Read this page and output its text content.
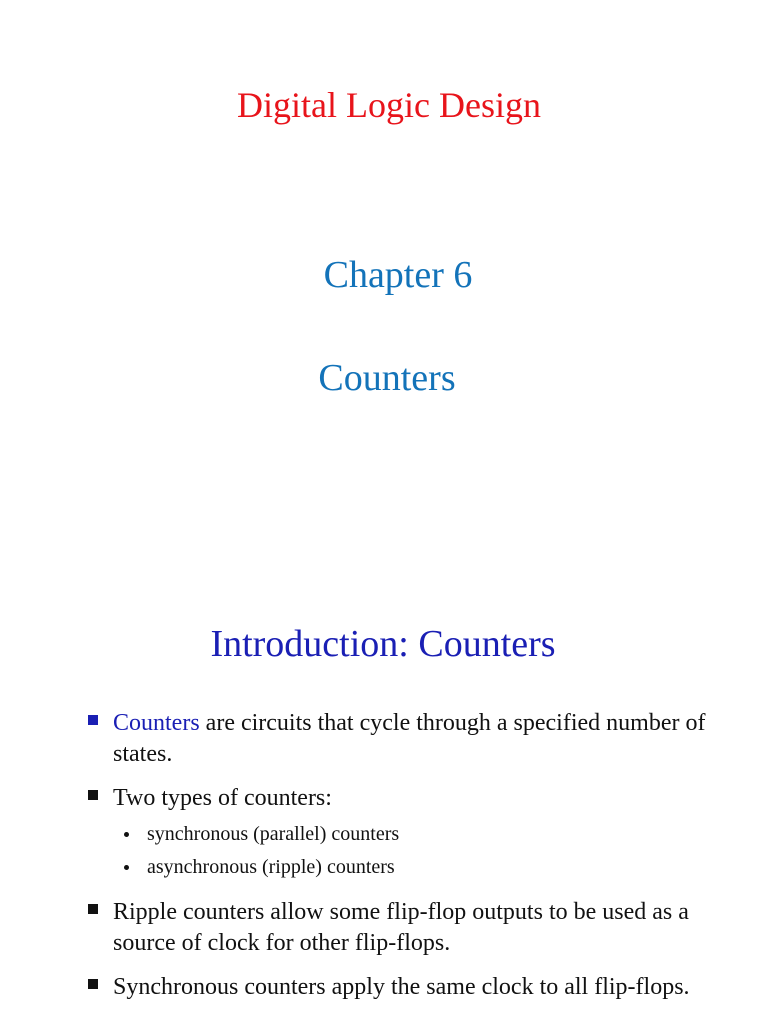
Digital Logic Design
Chapter 6
Counters
Introduction: Counters
Counters are circuits that cycle through a specified number of states.
Two types of counters:
synchronous (parallel) counters
asynchronous (ripple) counters
Ripple counters allow some flip-flop outputs to be used as a source of clock for other flip-flops.
Synchronous counters apply the same clock to all flip-flops.
